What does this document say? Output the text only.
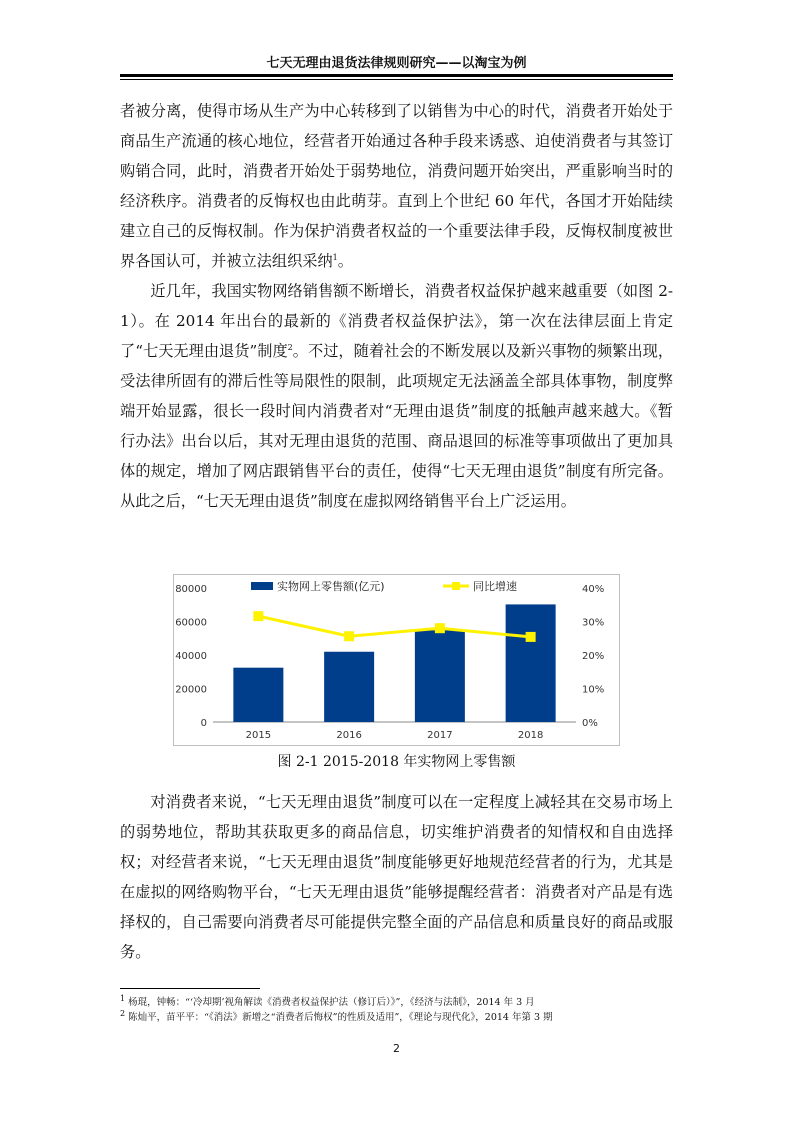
七天无理由退货法律规则研究——以淘宝为例

者被分离，使得市场从生产为中心转移到了以销售为中心的时代，消费者开始处于商品生产流通的核心地位，经营者开始通过各种手段来诱惑、迫使消费者与其签订购销合同，此时，消费者开始处于弱势地位，消费问题开始突出，严重影响当时的经济秩序。消费者的反悔权也由此萌芽。直到上个世纪 60 年代，各国才开始陆续建立自己的反悔权制。作为保护消费者权益的一个重要法律手段，反悔权制度被世界各国认可，并被立法组织采纳$^1$。

近几年，我国实物网络销售额不断增长，消费者权益保护越来越重要（如图 2-1）。在 2014 年出台的最新的《消费者权益保护法》，第一次在法律层面上肯定了“七天无理由退货”制度$^2$。不过，随着社会的不断发展以及新兴事物的频繁出现，受法律所固有的滞后性等局限性的限制，此项规定无法涵盖全部具体事物，制度弊端开始显露，很长一段时间内消费者对“无理由退货”制度的抵触声越来越大。《暂行办法》出台以后，其对无理由退货的范围、商品退回的标准等事项做出了更加具体的规定，增加了网店跟销售平台的责任，使得“七天无理由退货”制度有所完备。从此之后，“七天无理由退货”制度在虚拟网络销售平台上广泛运用。

0
20000
40000
60000
80000
0%
10%
20%
30%
40%
2015	2016	2017	2018
实物网上零售额(亿元)	同比增速
图 2-1 2015-2018 年实物网上零售额

对消费者来说，“七天无理由退货”制度可以在一定程度上减轻其在交易市场上的弱势地位，帮助其获取更多的商品信息，切实维护消费者的知情权和自由选择权；对经营者来说，“七天无理由退货”制度能够更好地规范经营者的行为，尤其是在虚拟的网络购物平台，“七天无理由退货”能够提醒经营者：消费者对产品是有选择权的，自己需要向消费者尽可能提供完整全面的产品信息和质量良好的商品或服务。

$^1$ 杨琨，钟畅：“‘冷却期’视角解读《消费者权益保护法（修订后）》”，《经济与法制》，2014 年 3 月
$^2$ 陈灿平，苗平平：“《消法》新增之“消费者后悔权”的性质及适用”，《理论与现代化》，2014 年第 3 期
2
